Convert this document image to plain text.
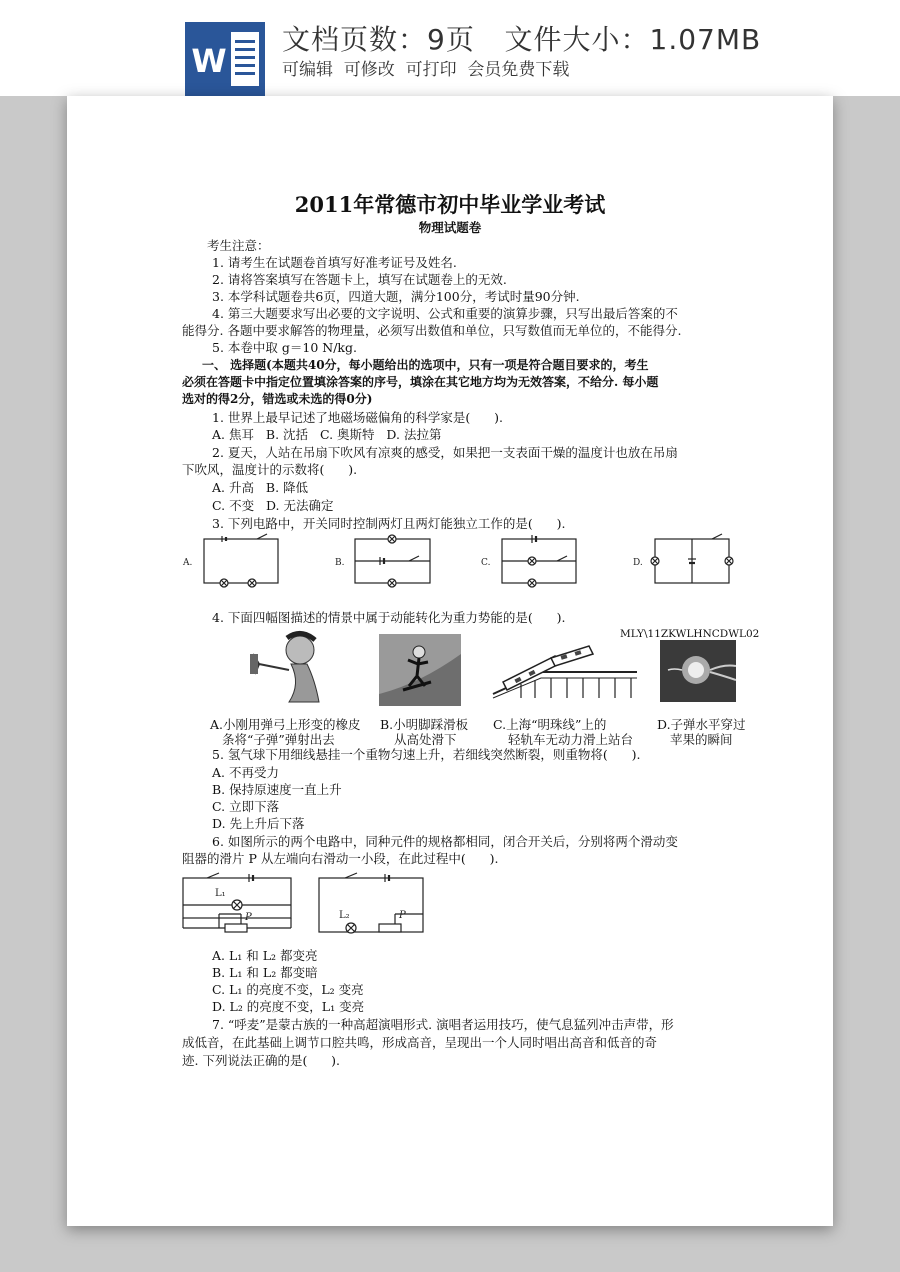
W
文档页数：9页   文件大小：1.07MB
可编辑  可修改  可打印  会员免费下载
2011年常德市初中毕业学业考试
物理试题卷
考生注意：
1. 请考生在试题卷首填写好准考证号及姓名.
2. 请将答案填写在答题卡上，填写在试题卷上的无效.
3. 本学科试题卷共6页，四道大题，满分100分，考试时量90分钟.
4. 第三大题要求写出必要的文字说明、公式和重要的演算步骤，只写出最后答案的不
能得分. 各题中要求解答的物理量，必须写出数值和单位，只写数值而无单位的，不能得分.
5. 本卷中取 g＝10 N/kg.
一、 选择题(本题共40分，每小题给出的选项中，只有一项是符合题目要求的，考生
必须在答题卡中指定位置填涂答案的序号，填涂在其它地方均为无效答案，不给分. 每小题
选对的得2分，错选或未选的得0分)
1. 世界上最早记述了地磁场磁偏角的科学家是(      ).
A. 焦耳   B. 沈括   C. 奥斯特   D. 法拉第
2. 夏天，人站在吊扇下吹风有凉爽的感受，如果把一支表面干燥的温度计也放在吊扇
下吹风，温度计的示数将(      ).
A. 升高   B. 降低
C. 不变   D. 无法确定
3. 下列电路中，开关同时控制两灯且两灯能独立工作的是(      ).
A.	B.	C.	D.
4. 下面四幅图描述的情景中属于动能转化为重力势能的是(      ).
MLY\11ZKWLHNCDWL02
A.小刚用弹弓上形变的橡皮
条将“子弹”弹射出去
B.小明脚踩滑板
从高处滑下
C.上海“明珠线”上的
轻轨车无动力滑上站台
D.子弹水平穿过
苹果的瞬间
5. 氢气球下用细线悬挂一个重物匀速上升，若细线突然断裂，则重物将(      ).
A. 不再受力
B. 保持原速度一直上升
C. 立即下落
D. 先上升后下落
6. 如图所示的两个电路中，同种元件的规格都相同，闭合开关后，分别将两个滑动变
阻器的滑片 P 从左端向右滑动一小段，在此过程中(      ).
L₁
P	L₂	P
A. L₁ 和 L₂ 都变亮
B. L₁ 和 L₂ 都变暗
C. L₁ 的亮度不变，L₂ 变亮
D. L₂ 的亮度不变，L₁ 变亮
7. “呼麦”是蒙古族的一种高超演唱形式. 演唱者运用技巧，使气息猛列冲击声带，形
成低音，在此基础上调节口腔共鸣，形成高音，呈现出一个人同时唱出高音和低音的奇
迹. 下列说法正确的是(      ).
